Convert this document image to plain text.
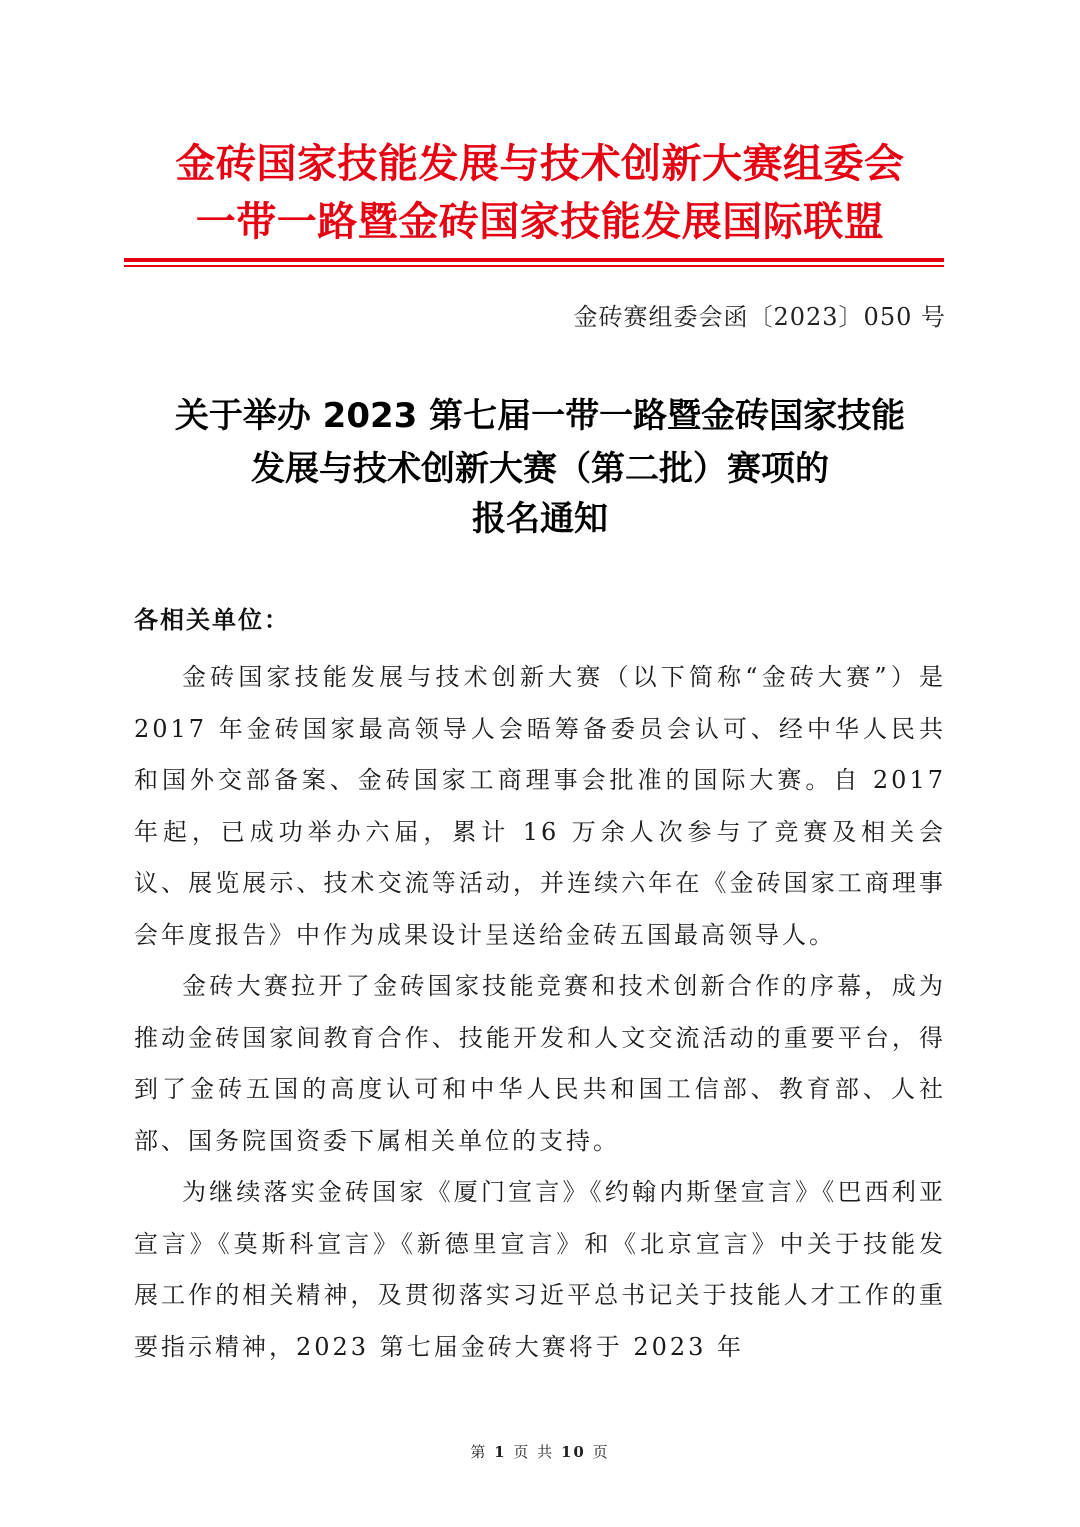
金砖国家技能发展与技术创新大赛组委会
一带一路暨金砖国家技能发展国际联盟
金砖赛组委会函〔2023〕050 号
关于举办 2023 第七届一带一路暨金砖国家技能
发展与技术创新大赛（第二批）赛项的
报名通知
各相关单位：

金砖国家技能发展与技术创新大赛（以下简称“金砖大赛”）是 2017 年金砖国家最高领导人会晤筹备委员会认可、经中华人民共和国外交部备案、金砖国家工商理事会批准的国际大赛。自 2017 年起，已成功举办六届，累计 16 万余人次参与了竞赛及相关会议、展览展示、技术交流等活动，并连续六年在《金砖国家工商理事会年度报告》中作为成果设计呈送给金砖五国最高领导人。

金砖大赛拉开了金砖国家技能竞赛和技术创新合作的序幕，成为推动金砖国家间教育合作、技能开发和人文交流活动的重要平台，得到了金砖五国的高度认可和中华人民共和国工信部、教育部、人社部、国务院国资委下属相关单位的支持。

为继续落实金砖国家《厦门宣言》《约翰内斯堡宣言》《巴西利亚宣言》《莫斯科宣言》《新德里宣言》和《北京宣言》中关于技能发展工作的相关精神，及贯彻落实习近平总书记关于技能人才工作的重要指示精神，2023 第七届金砖大赛将于 2023 年

第 1 页 共 10 页
